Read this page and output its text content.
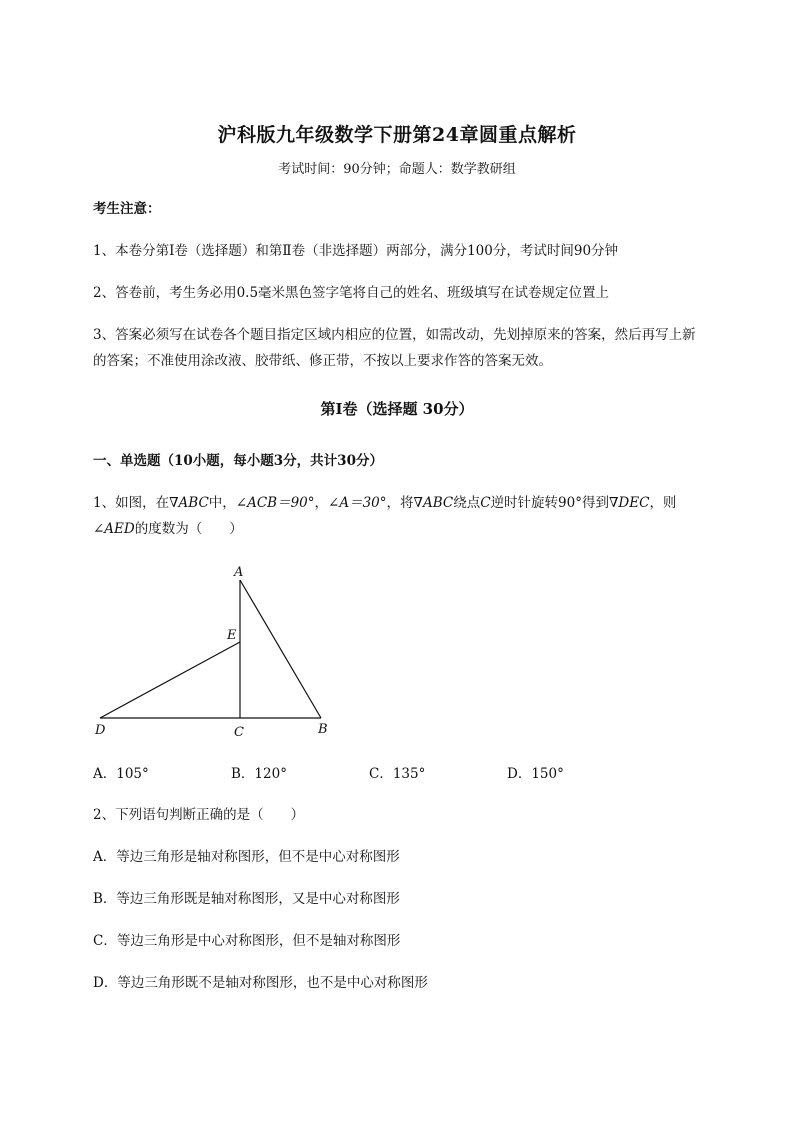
沪科版九年级数学下册第24章圆重点解析
考试时间：90分钟；命题人：数学教研组
考生注意：
1、本卷分第Ⅰ卷（选择题）和第Ⅱ卷（非选择题）两部分，满分100分，考试时间90分钟
2、答卷前，考生务必用0.5毫米黑色签字笔将自己的姓名、班级填写在试卷规定位置上
3、答案必须写在试卷各个题目指定区域内相应的位置，如需改动，先划掉原来的答案，然后再写上新
的答案；不准使用涂改液、胶带纸、修正带，不按以上要求作答的答案无效。
第Ⅰ卷（选择题 30分）
一、单选题（10小题，每小题3分，共计30分）
1、如图，在∇ABC中，∠ACB＝90°，∠A＝30°，将∇ABC绕点C逆时针旋转90°得到∇DEC，则
∠AED的度数为（　　）
A
E
D	C	B
A．105°	B．120°	C．135°	D．150°
2、下列语句判断正确的是（　　）
A．等边三角形是轴对称图形，但不是中心对称图形
B．等边三角形既是轴对称图形，又是中心对称图形
C．等边三角形是中心对称图形，但不是轴对称图形
D．等边三角形既不是轴对称图形，也不是中心对称图形
